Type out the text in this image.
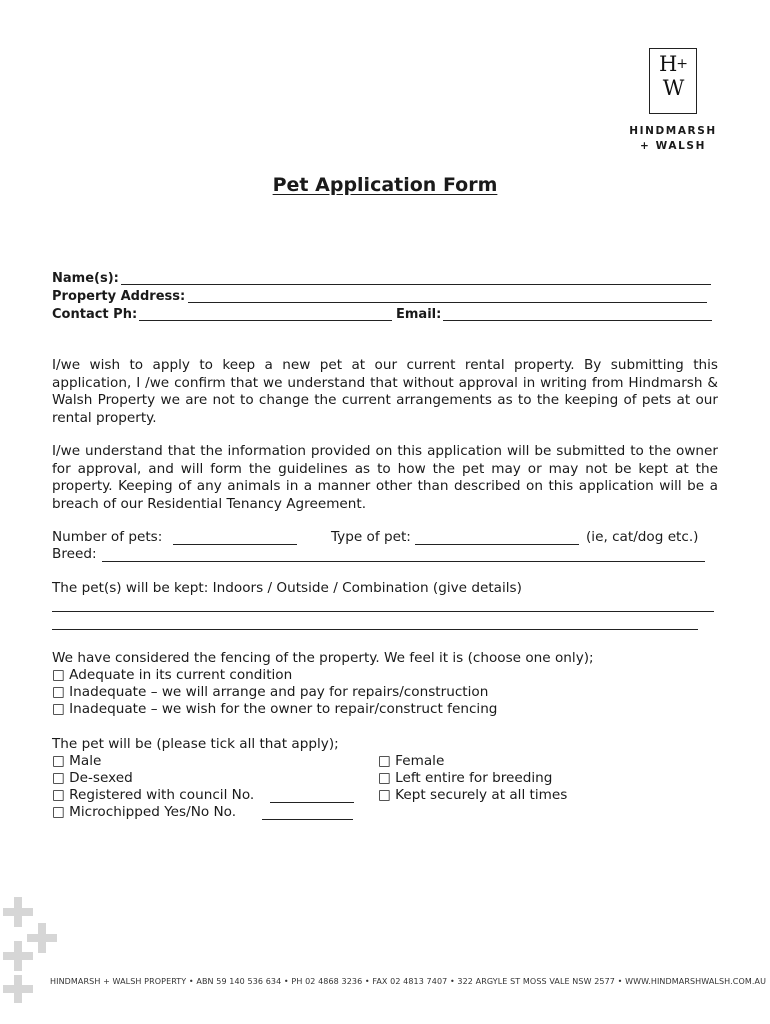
H+
W
HINDMARSH
+ WALSH
Pet Application Form
Name(s):
Property Address:
Contact Ph:	Email:
I/we wish to apply to keep a new pet at our current rental property. By submitting this application, I /we confirm that we understand that without approval in writing from Hindmarsh & Walsh Property we are not to change the current arrangements as to the keeping of pets at our rental property.
I/we understand that the information provided on this application will be submitted to the owner for approval, and will form the guidelines as to how the pet may or may not be kept at the property. Keeping of any animals in a manner other than described on this application will be a breach of our Residential Tenancy Agreement.
Number of pets:	Type of pet:	(ie, cat/dog etc.)
Breed:
The pet(s) will be kept: Indoors / Outside / Combination (give details)
We have considered the fencing of the property. We feel it is (choose one only);
□ Adequate in its current condition
□ Inadequate – we will arrange and pay for repairs/construction
□ Inadequate – we wish for the owner to repair/construct fencing
The pet will be (please tick all that apply);
□ Male
□ De-sexed
□ Registered with council No.
□ Microchipped Yes/No No.
□ Female
□ Left entire for breeding
□ Kept securely at all times
HINDMARSH + WALSH PROPERTY • ABN 59 140 536 634 • PH 02 4868 3236 • FAX 02 4813 7407 • 322 ARGYLE ST MOSS VALE NSW 2577 • WWW.HINDMARSHWALSH.COM.AU
